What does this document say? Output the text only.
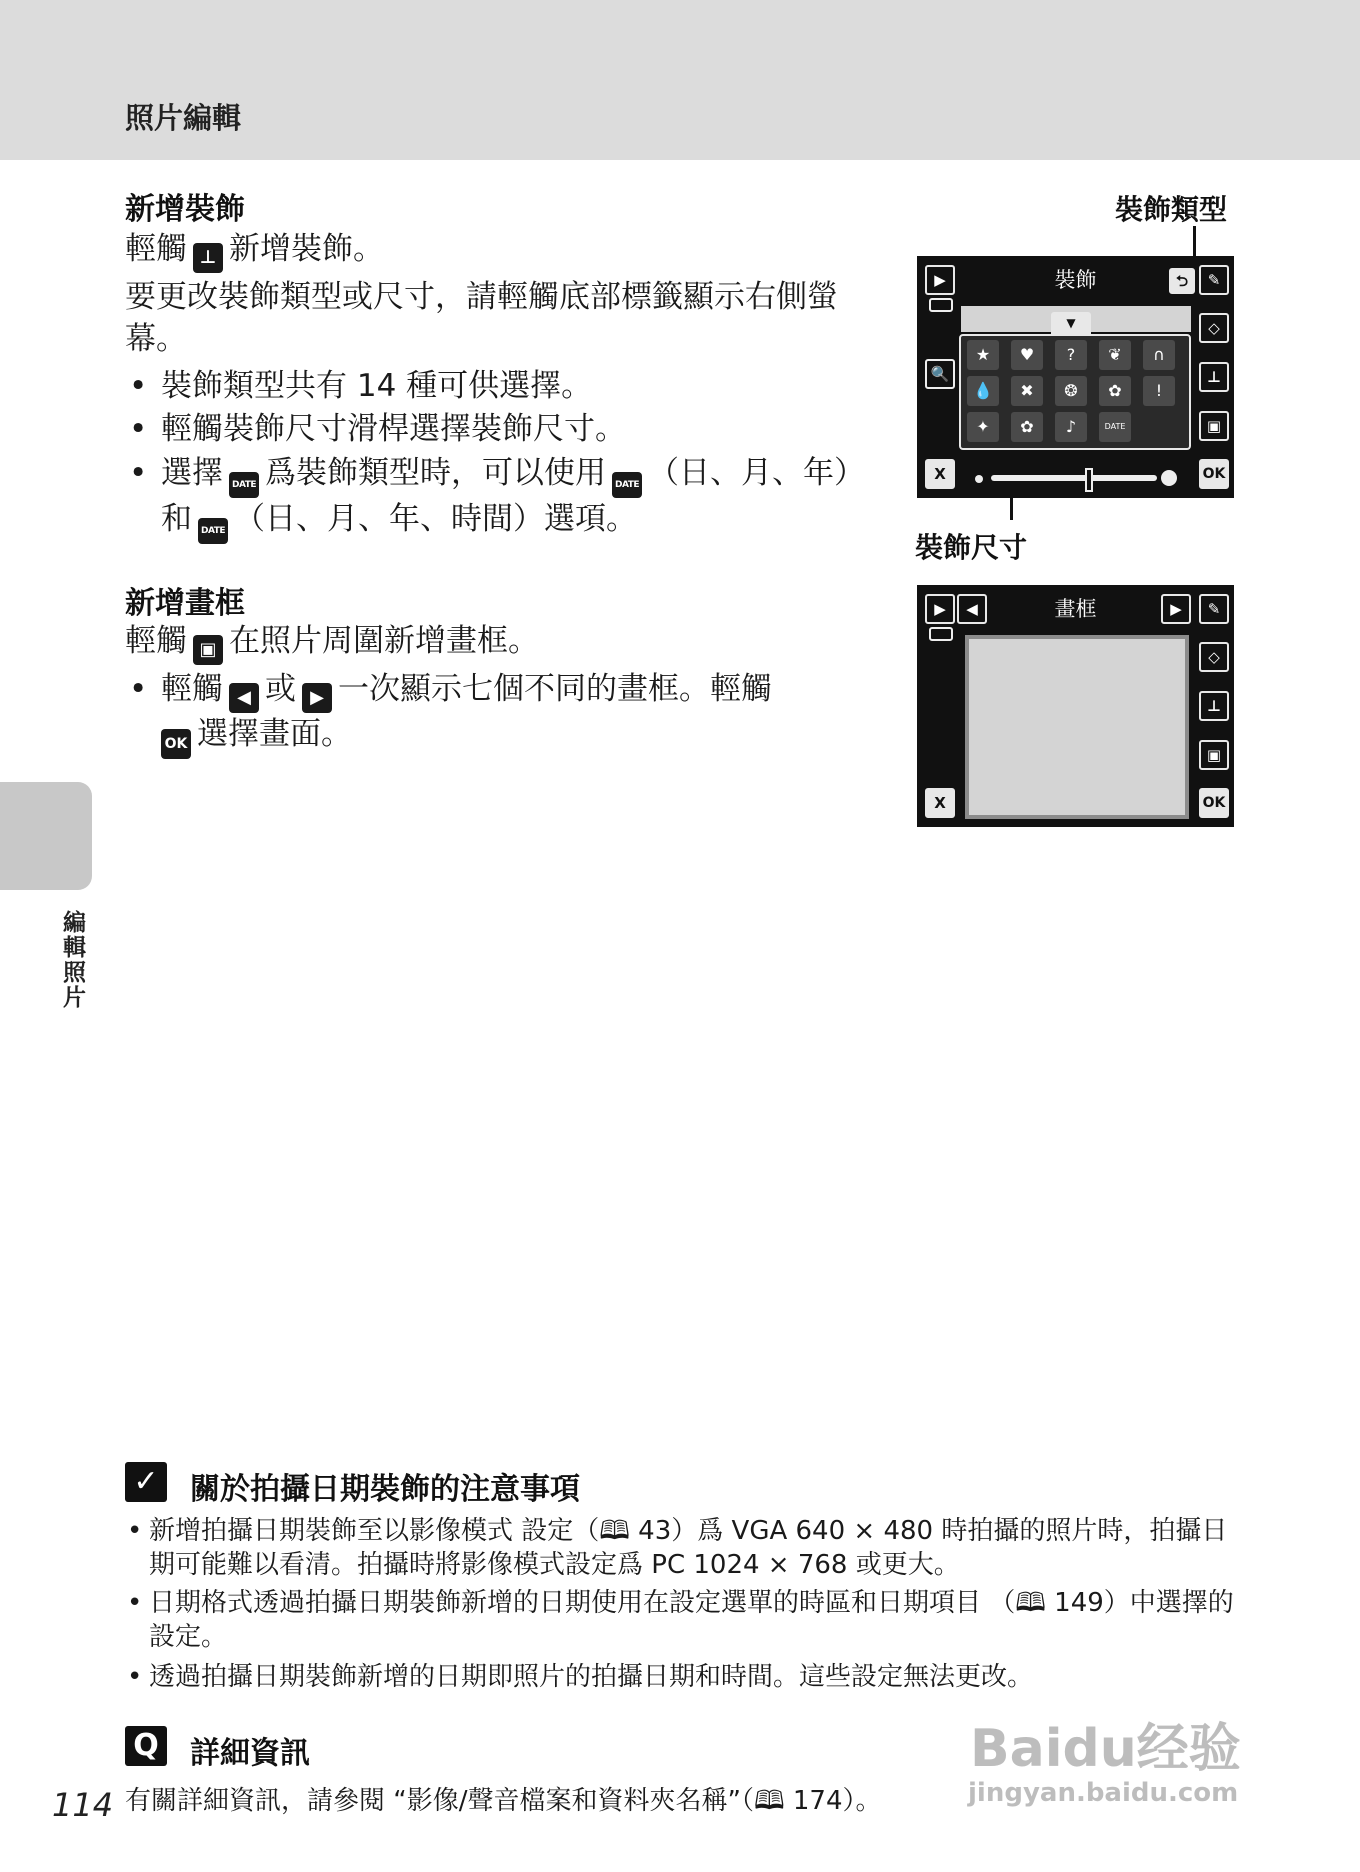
照片編輯
編輯照片
新增裝飾
輕觸 ⊥ 新增裝飾。
要更改裝飾類型或尺寸，請輕觸底部標籤顯示右側螢幕。
• 裝飾類型共有 14 種可供選擇。
• 輕觸裝飾尺寸滑桿選擇裝飾尺寸。
• 選擇 DATE 爲裝飾類型時，可以使用 DATE （日、月、年）和 DATE （日、月、年、時間）選項。
裝飾類型
裝飾尺寸
▶	裝飾	⮌	✎
◇
⊥
▣
OK
X
🔍
▼
★	♥	?	❦	∩
💧	✖	❂	✿	!
✦	✿	♪	DATE
新增畫框
輕觸 ▣ 在照片周圍新增畫框。
• 輕觸 ◀ 或 ▶ 一次顯示七個不同的畫框。輕觸
OK 選擇畫面。
▶	◀	畫框	▶	✎
◇
⊥
▣
OK
X
✓ 關於拍攝日期裝飾的注意事項
• 新增拍攝日期裝飾至以影像模式 設定（🕮 43）爲 VGA 640 × 480 時拍攝的照片時，拍攝日期可能難以看清。拍攝時將影像模式設定爲 PC 1024 × 768 或更大。
• 日期格式透過拍攝日期裝飾新增的日期使用在設定選單的時區和日期項目 （🕮 149）中選擇的設定。
• 透過拍攝日期裝飾新增的日期即照片的拍攝日期和時間。這些設定無法更改。
Q 詳細資訊
有關詳細資訊，請參閱 “影像/聲音檔案和資料夾名稱”（🕮 174）。
114
Baidu经验
jingyan.baidu.com
